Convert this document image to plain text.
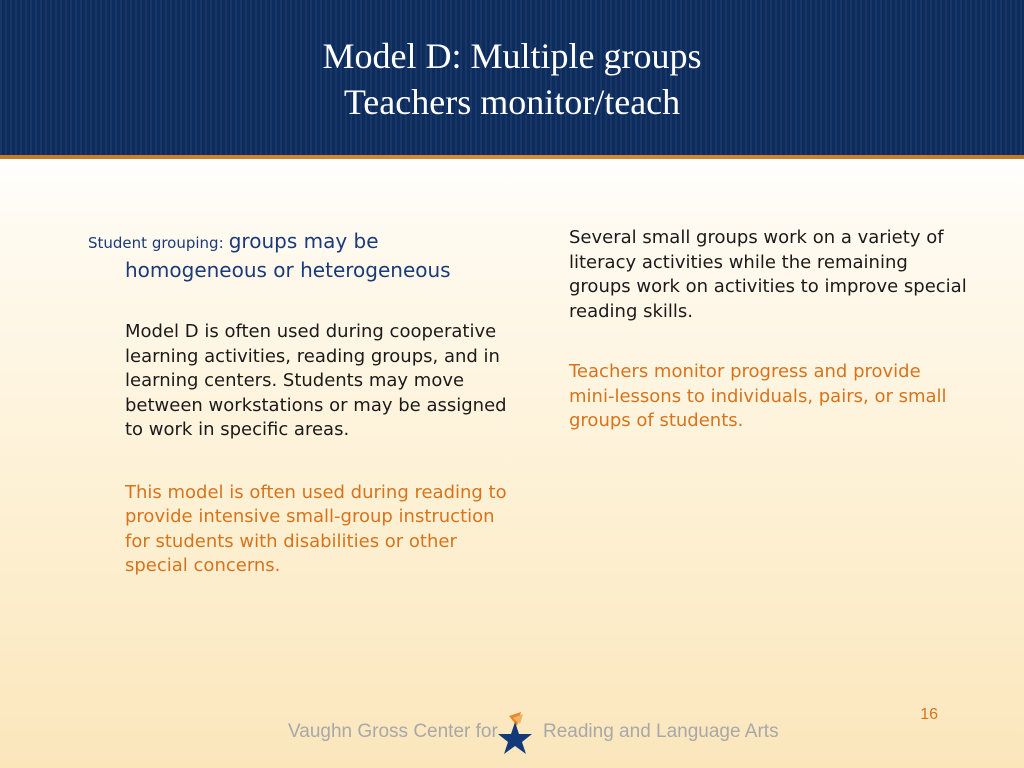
Model D: Multiple groups
Teachers monitor/teach
Student grouping: groups may be
homogeneous or heterogeneous
Model D is often used during cooperative learning activities, reading groups, and in learning centers. Students may move between workstations or may be assigned to work in specific areas.
This model is often used during reading to provide intensive small-group instruction for students with disabilities or other special concerns.
Several small groups work on a variety of literacy activities while the remaining groups work on activities to improve special reading skills.
Teachers monitor progress and provide mini-lessons to individuals, pairs, or small groups of students.
16
Vaughn Gross Center for Reading and Language Arts
